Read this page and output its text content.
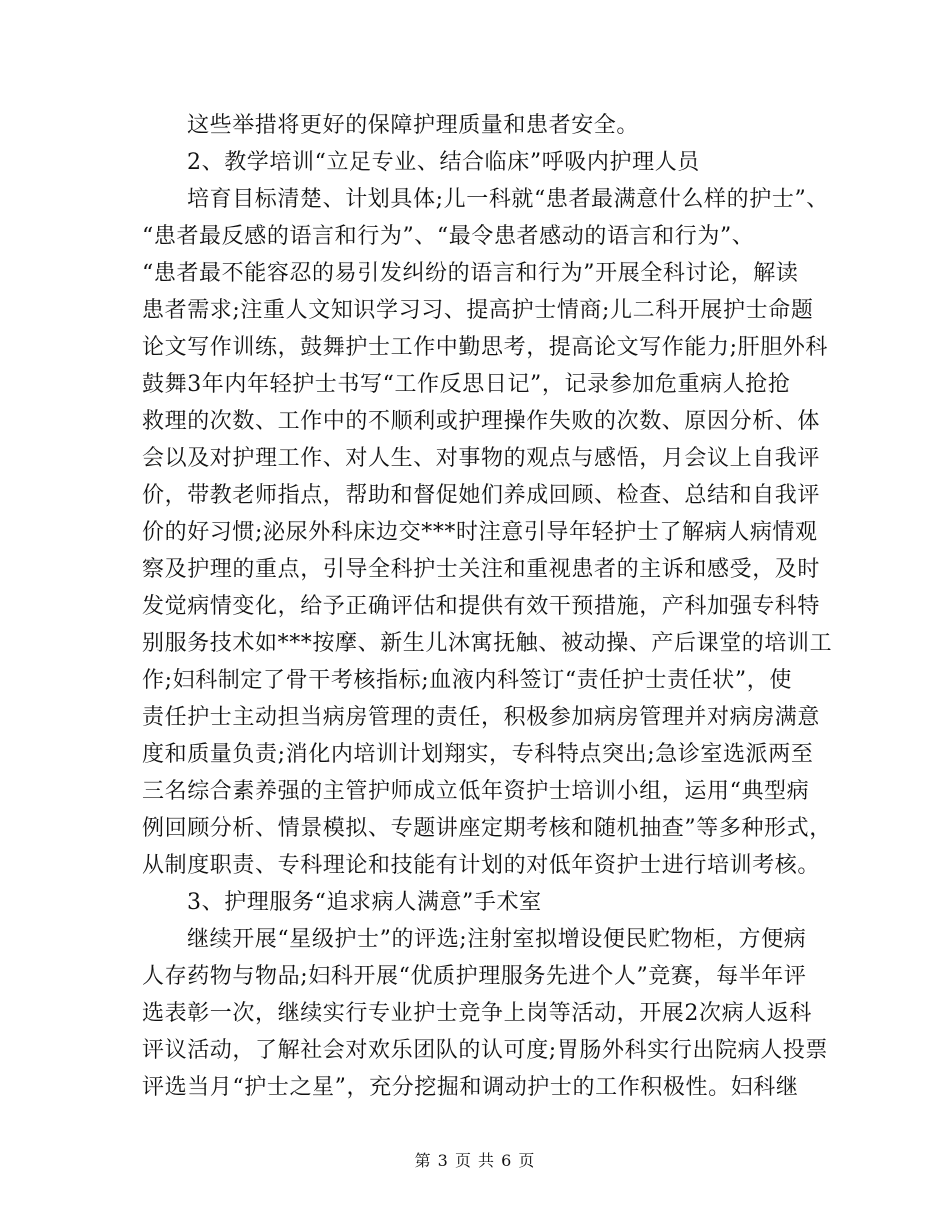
这些举措将更好的保障护理质量和患者安全。
2、教学培训“立足专业、结合临床”呼吸内护理人员
培育目标清楚、计划具体;儿一科就“患者最满意什么样的护士”、
“患者最反感的语言和行为”、“最令患者感动的语言和行为”、
“患者最不能容忍的易引发纠纷的语言和行为”开展全科讨论，解读
患者需求;注重人文知识学习习、提高护士情商;儿二科开展护士命题
论文写作训练，鼓舞护士工作中勤思考，提高论文写作能力;肝胆外科
鼓舞3年内年轻护士书写“工作反思日记”，记录参加危重病人抢抢
救理的次数、工作中的不顺利或护理操作失败的次数、原因分析、体
会以及对护理工作、对人生、对事物的观点与感悟，月会议上自我评
价，带教老师指点，帮助和督促她们养成回顾、检查、总结和自我评
价的好习惯;泌尿外科床边交***时注意引导年轻护士了解病人病情观
察及护理的重点，引导全科护士关注和重视患者的主诉和感受，及时
发觉病情变化，给予正确评估和提供有效干预措施，产科加强专科特
别服务技术如***按摩、新生儿沐寓抚触、被动操、产后课堂的培训工
作;妇科制定了骨干考核指标;血液内科签订“责任护士责任状”，使
责任护士主动担当病房管理的责任，积极参加病房管理并对病房满意
度和质量负责;消化内培训计划翔实，专科特点突出;急诊室选派两至
三名综合素养强的主管护师成立低年资护士培训小组，运用“典型病
例回顾分析、情景模拟、专题讲座定期考核和随机抽查”等多种形式，
从制度职责、专科理论和技能有计划的对低年资护士进行培训考核。
3、护理服务“追求病人满意”手术室
继续开展“星级护士”的评选;注射室拟增设便民贮物柜，方便病
人存药物与物品;妇科开展“优质护理服务先进个人”竞赛，每半年评
选表彰一次，继续实行专业护士竞争上岗等活动，开展2次病人返科
评议活动，了解社会对欢乐团队的认可度;胃肠外科实行出院病人投票
评选当月“护士之星”，充分挖掘和调动护士的工作积极性。妇科继
第 3 页 共 6 页
